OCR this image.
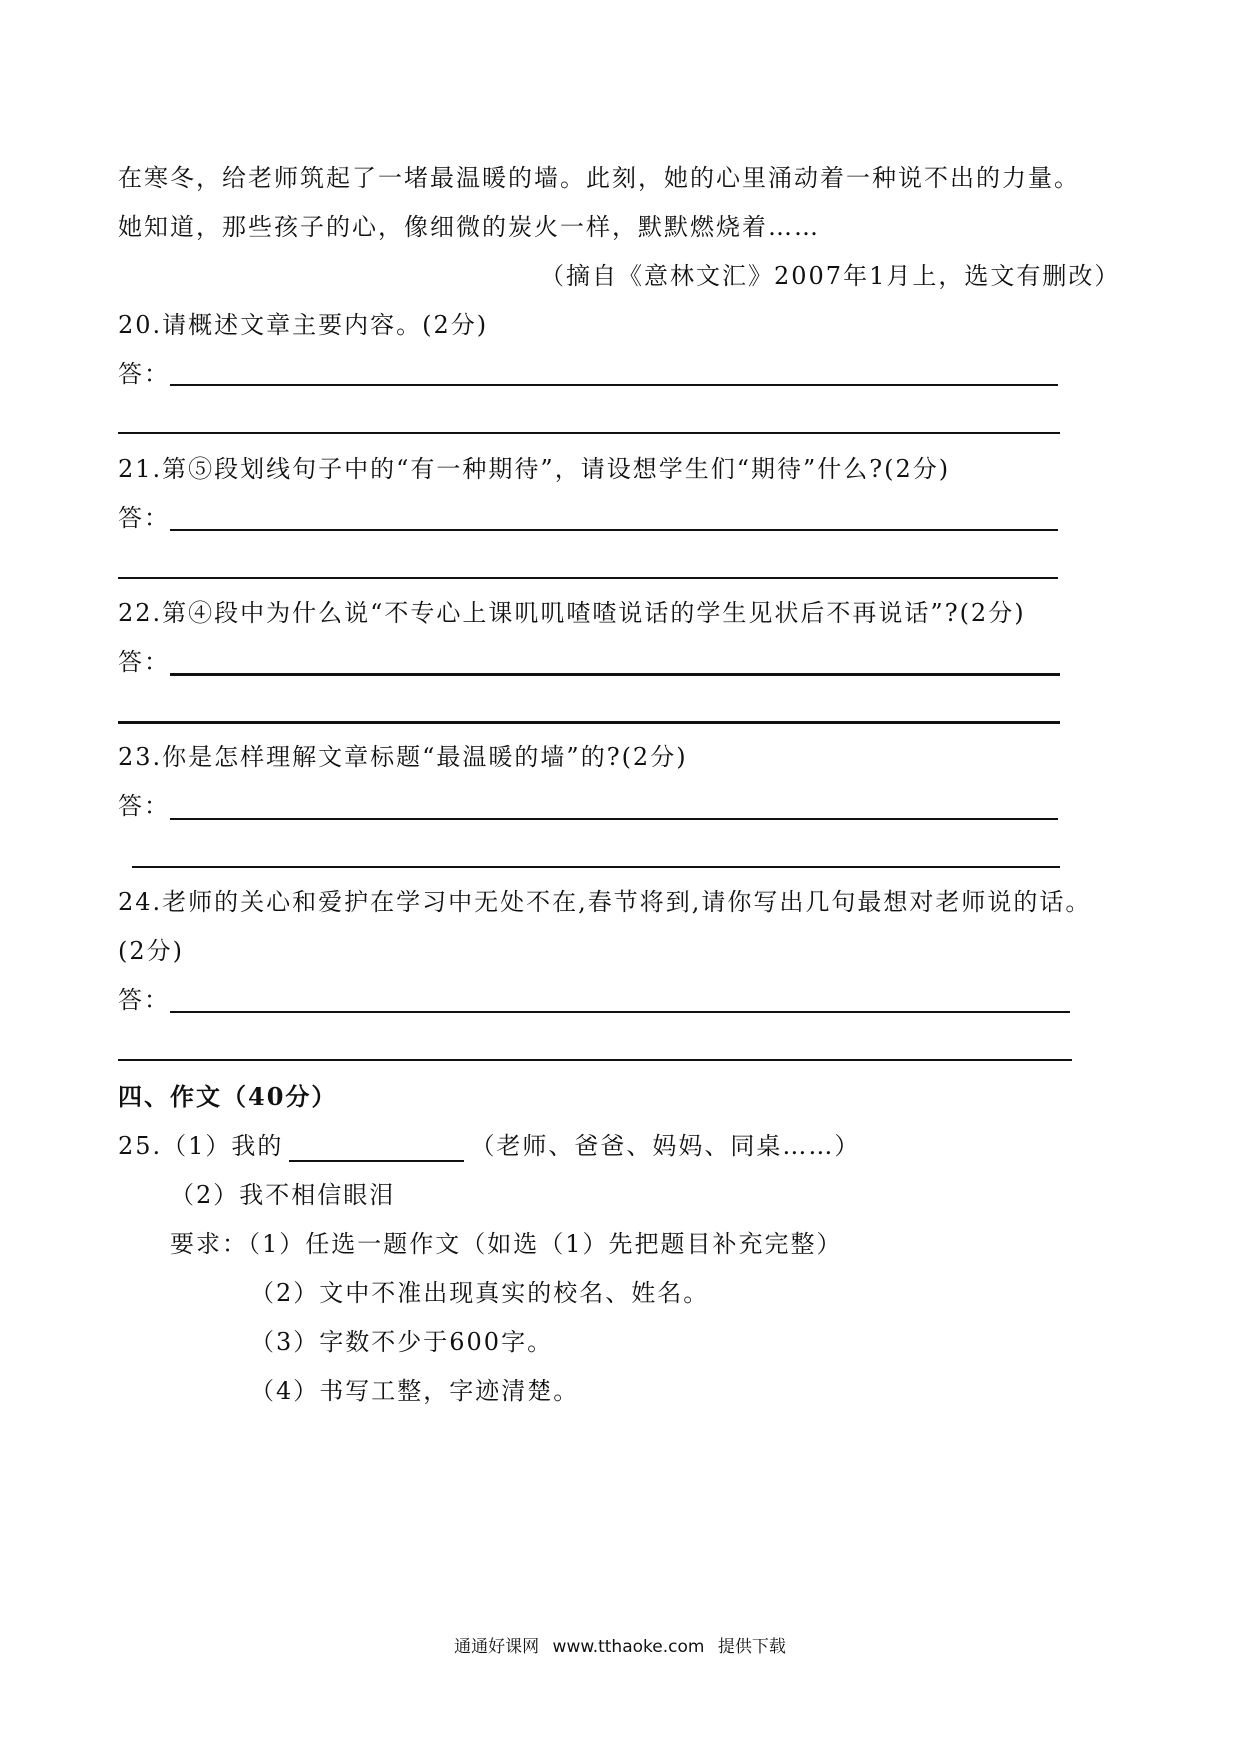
在寒冬，给老师筑起了一堵最温暖的墙。此刻，她的心里涌动着一种说不出的力量。
她知道，那些孩子的心，像细微的炭火一样，默默燃烧着……
（摘自《意林文汇》2007年1月上，选文有删改）
20.请概述文章主要内容。(2分)
答：
21.第⑤段划线句子中的“有一种期待”，请设想学生们“期待”什么?(2分)
答：
22.第④段中为什么说“不专心上课叽叽喳喳说话的学生见状后不再说话”?(2分)
答：
23.你是怎样理解文章标题“最温暖的墙”的?(2分)
答：
24.老师的关心和爱护在学习中无处不在,春节将到,请你写出几句最想对老师说的话。
(2分)
答：
四、作文（40分）
25.（1）我的	（老师、爸爸、妈妈、同桌……）
（2）我不相信眼泪
要求：（1）任选一题作文（如选（1）先把题目补充完整）
（2）文中不准出现真实的校名、姓名。
（3）字数不少于600字。
（4）书写工整，字迹清楚。
通通好课网 www.tthaoke.com 提供下载
